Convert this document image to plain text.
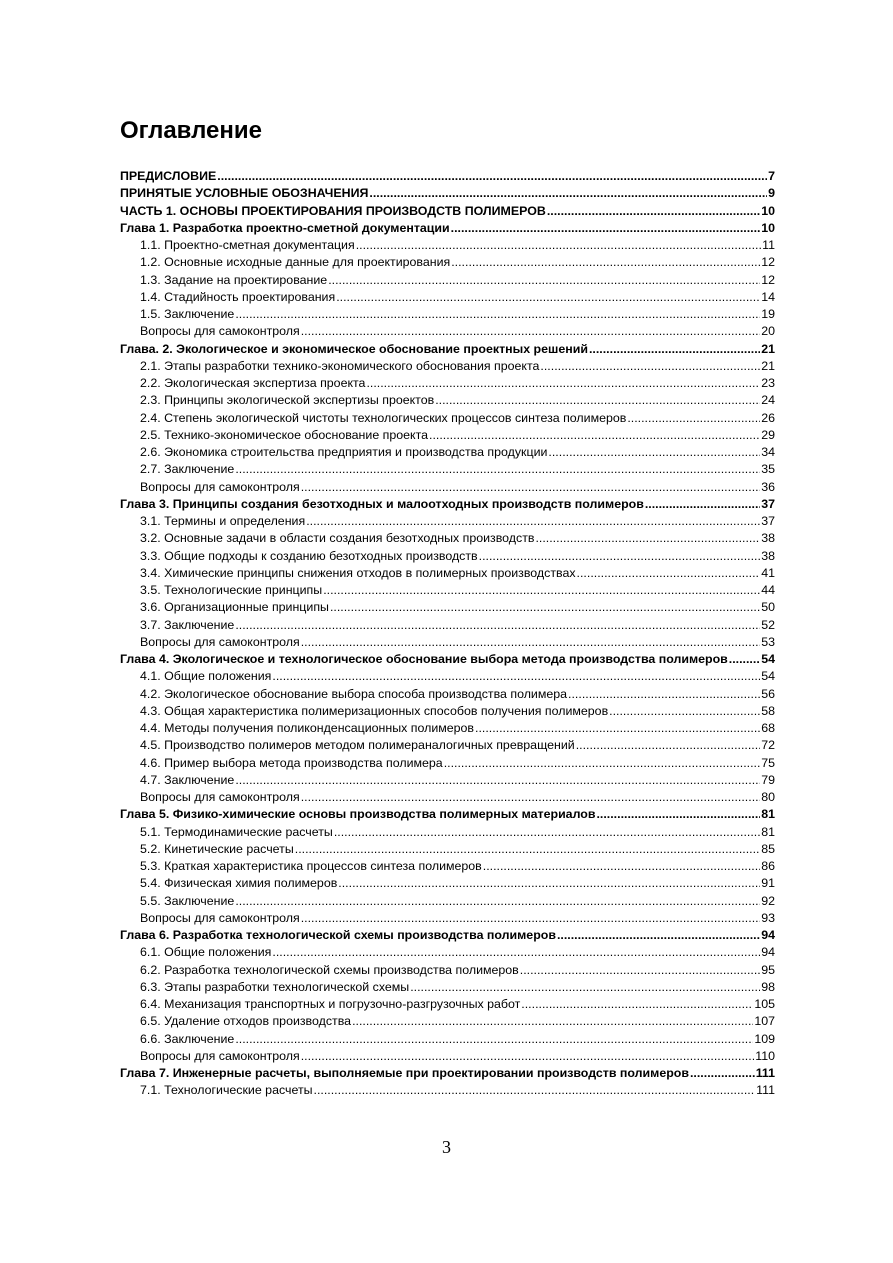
Оглавление
ПРЕДИСЛОВИЕ .....	7
ПРИНЯТЫЕ УСЛОВНЫЕ ОБОЗНАЧЕНИЯ .....	9
ЧАСТЬ 1. ОСНОВЫ ПРОЕКТИРОВАНИЯ ПРОИЗВОДСТВ ПОЛИМЕРОВ .....	10
Глава 1. Разработка проектно-сметной документации .....	10
1.1. Проектно-сметная документация .....	11
1.2. Основные исходные данные для проектирования .....	12
1.3. Задание на проектирование .....	12
1.4. Стадийность проектирования .....	14
1.5. Заключение .....	19
Вопросы для самоконтроля .....	20
Глава. 2. Экологическое и экономическое обоснование проектных решений .....	21
2.1. Этапы разработки технико-экономического обоснования проекта .....	21
2.2. Экологическая экспертиза проекта .....	23
2.3. Принципы экологической экспертизы проектов .....	24
2.4. Степень экологической чистоты технологических процессов синтеза полимеров .....	26
2.5. Технико-экономическое обоснование проекта .....	29
2.6. Экономика строительства предприятия и производства продукции .....	34
2.7. Заключение .....	35
Вопросы для самоконтроля .....	36
Глава 3. Принципы создания безотходных и малоотходных производств полимеров .....	37
3.1. Термины и определения .....	37
3.2. Основные задачи в области создания безотходных производств .....	38
3.3. Общие подходы к созданию безотходных производств .....	38
3.4. Химические принципы снижения отходов в полимерных производствах .....	41
3.5. Технологические принципы .....	44
3.6. Организационные принципы .....	50
3.7. Заключение .....	52
Вопросы для самоконтроля .....	53
Глава 4. Экологическое и технологическое обоснование выбора метода производства полимеров .....	54
4.1. Общие положения .....	54
4.2. Экологическое обоснование выбора способа производства полимера .....	56
4.3. Общая характеристика полимеризационных способов получения полимеров .....	58
4.4. Методы получения поликонденсационных полимеров .....	68
4.5. Производство полимеров методом полимераналогичных превращений .....	72
4.6. Пример выбора метода производства полимера .....	75
4.7. Заключение .....	79
Вопросы для самоконтроля .....	80
Глава 5. Физико-химические основы производства полимерных материалов .....	81
5.1. Термодинамические расчеты .....	81
5.2. Кинетические расчеты .....	85
5.3. Краткая характеристика процессов синтеза полимеров .....	86
5.4. Физическая химия полимеров .....	91
5.5. Заключение .....	92
Вопросы для самоконтроля .....	93
Глава 6. Разработка технологической схемы производства полимеров .....	94
6.1. Общие положения .....	94
6.2. Разработка технологической схемы производства полимеров .....	95
6.3. Этапы разработки технологической схемы .....	98
6.4. Механизация транспортных и погрузочно-разгрузочных работ .....	105
6.5. Удаление отходов производства .....	107
6.6. Заключение .....	109
Вопросы для самоконтроля .....	110
Глава 7. Инженерные расчеты, выполняемые при проектировании производств полимеров .....	111
7.1. Технологические расчеты .....	111
3
